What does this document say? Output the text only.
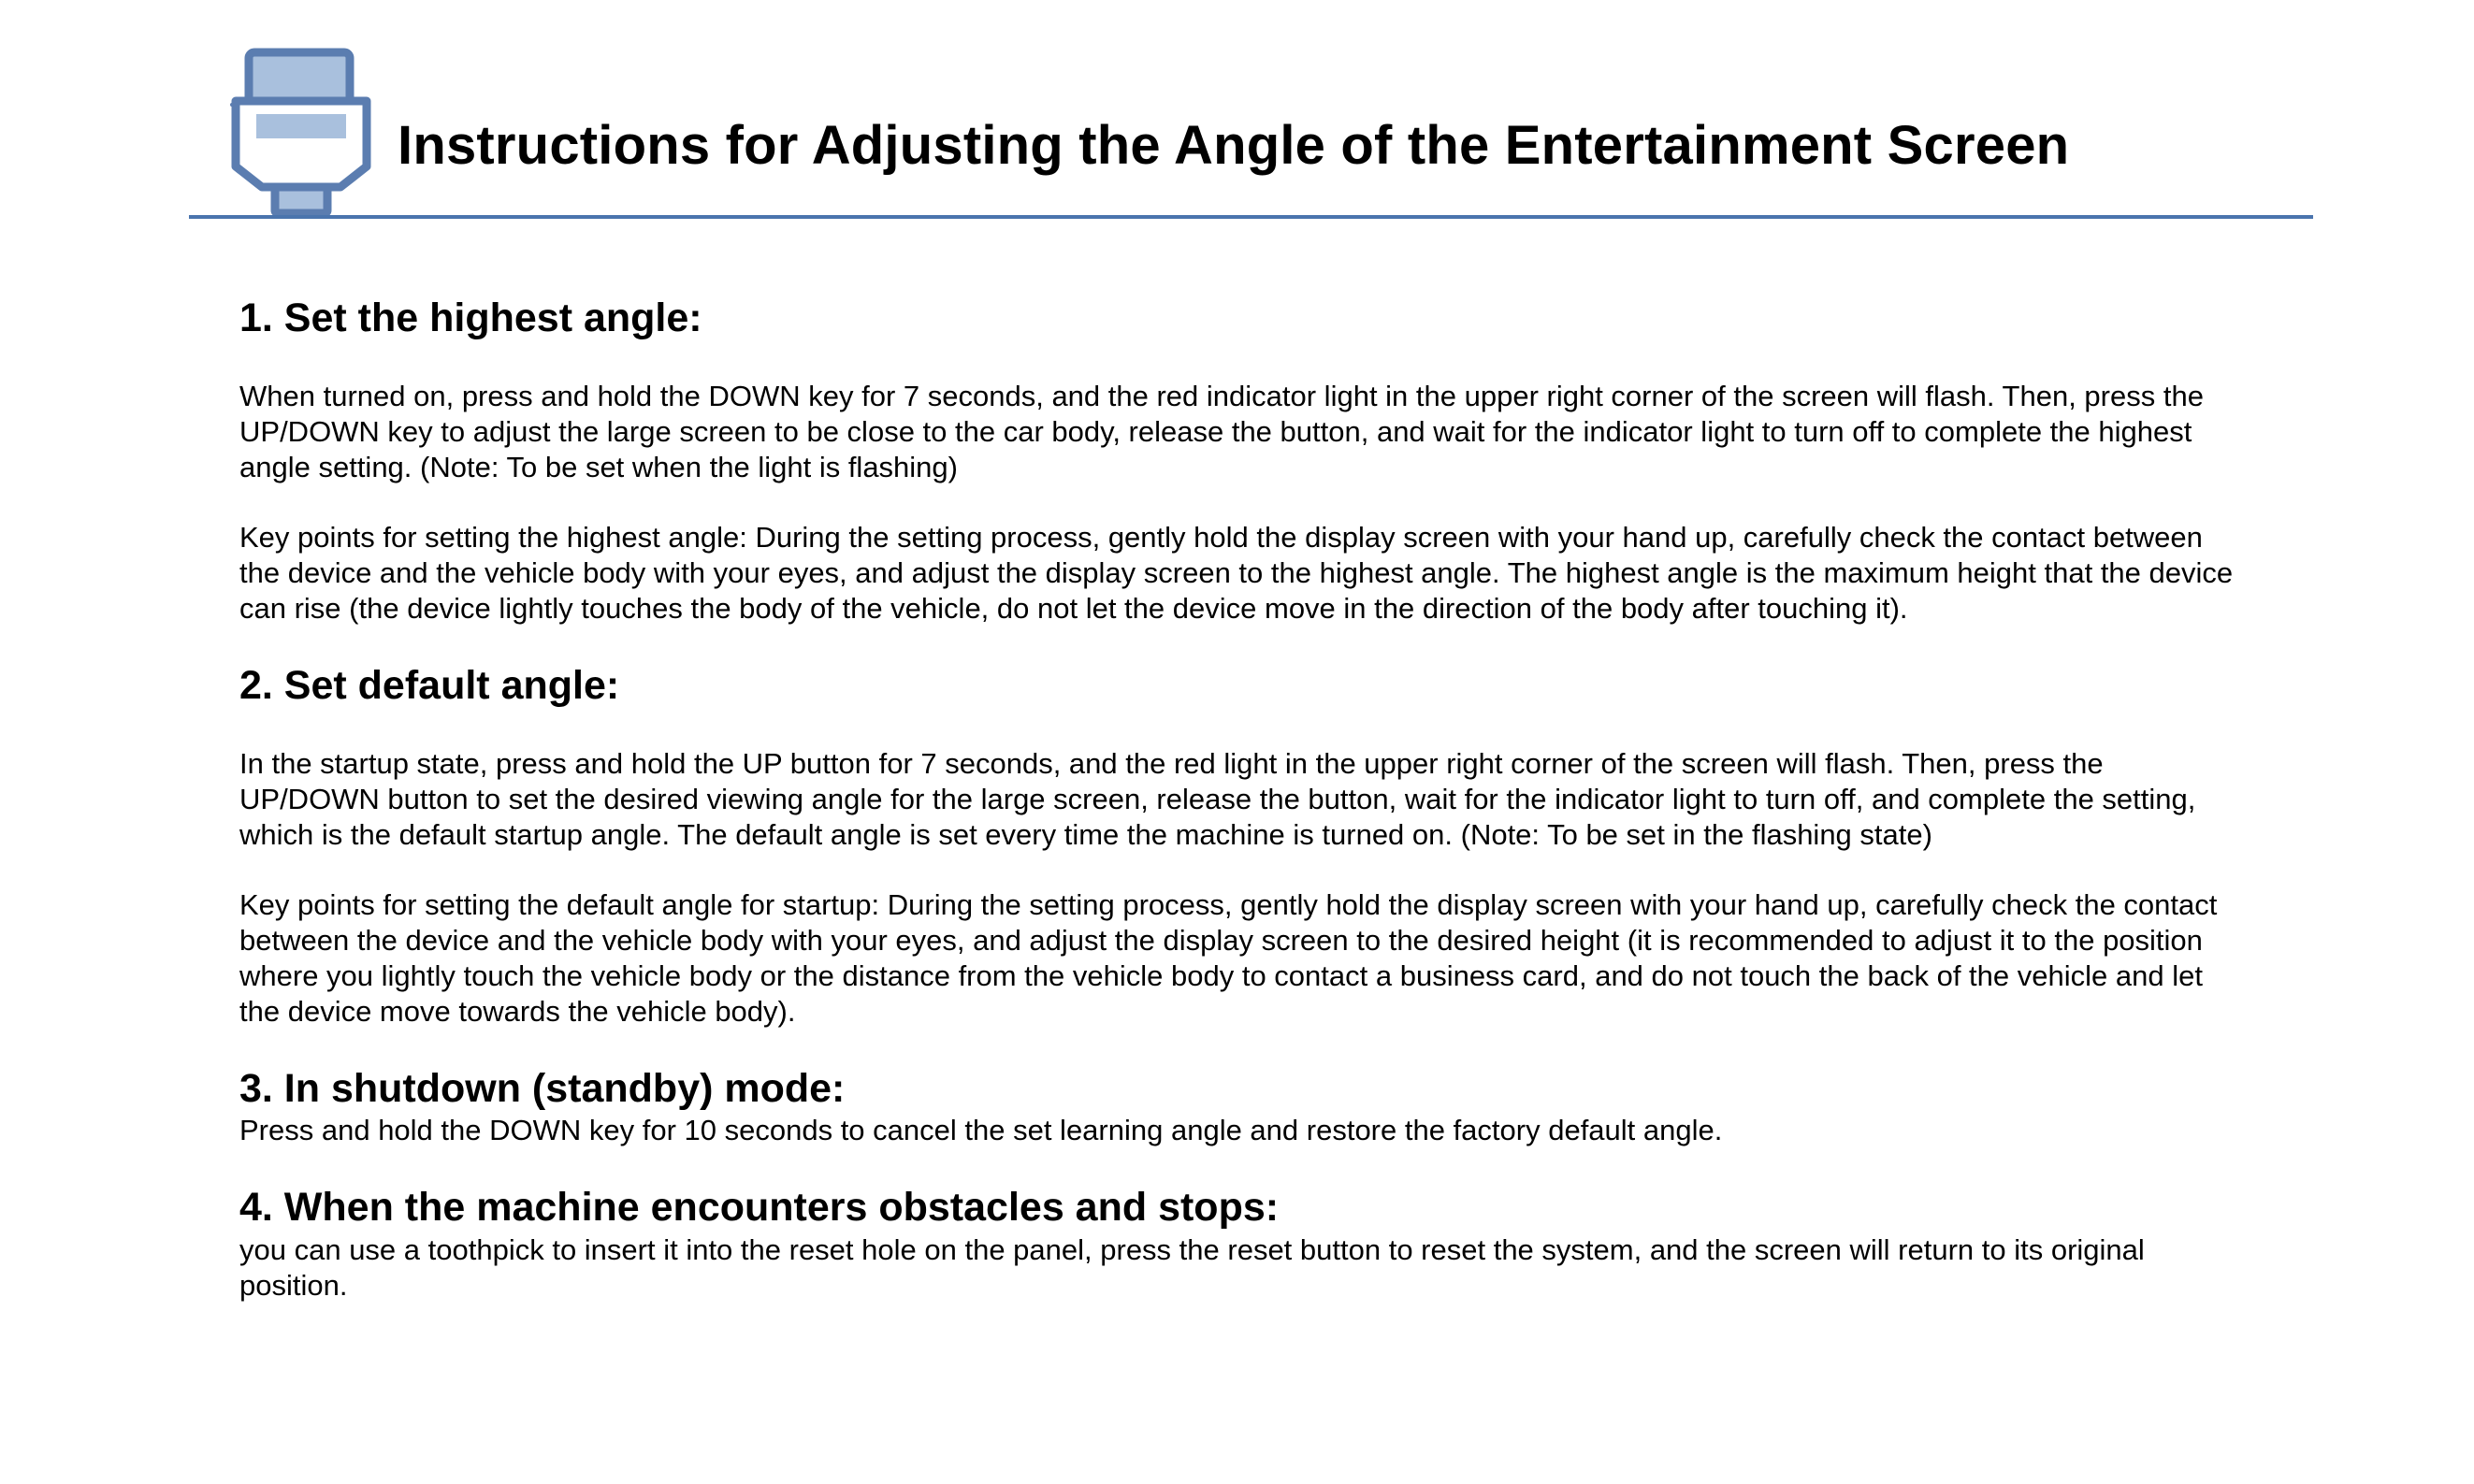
Instructions for Adjusting the Angle of the Entertainment Screen
1. Set the highest angle:

When turned on, press and hold the DOWN key for 7 seconds, and the red indicator light in the upper right corner of the screen will flash. Then, press the UP/DOWN key to adjust the large screen to be close to the car body, release the button, and wait for the indicator light to turn off to complete the highest angle setting. (Note: To be set when the light is flashing)

Key points for setting the highest angle: During the setting process, gently hold the display screen with your hand up, carefully check the contact between the device and the vehicle body with your eyes, and adjust the display screen to the highest angle. The highest angle is the maximum height that the device can rise (the device lightly touches the body of the vehicle, do not let the device move in the direction of the body after touching it).

2. Set default angle:

In the startup state, press and hold the UP button for 7 seconds, and the red light in the upper right corner of the screen will flash. Then, press the UP/DOWN button to set the desired viewing angle for the large screen, release the button, wait for the indicator light to turn off, and complete the setting, which is the default startup angle. The default angle is set every time the machine is turned on. (Note: To be set in the flashing state)

Key points for setting the default angle for startup: During the setting process, gently hold the display screen with your hand up, carefully check the contact between the device and the vehicle body with your eyes, and adjust the display screen to the desired height (it is recommended to adjust it to the position where you lightly touch the vehicle body or the distance from the vehicle body to contact a business card, and do not touch the back of the vehicle and let the device move towards the vehicle body).

3. In shutdown (standby) mode:

Press and hold the DOWN key for 10 seconds to cancel the set learning angle and restore the factory default angle.

4. When the machine encounters obstacles and stops:

you can use a toothpick to insert it into the reset hole on the panel, press the reset button to reset the system, and the screen will return to its original position.
